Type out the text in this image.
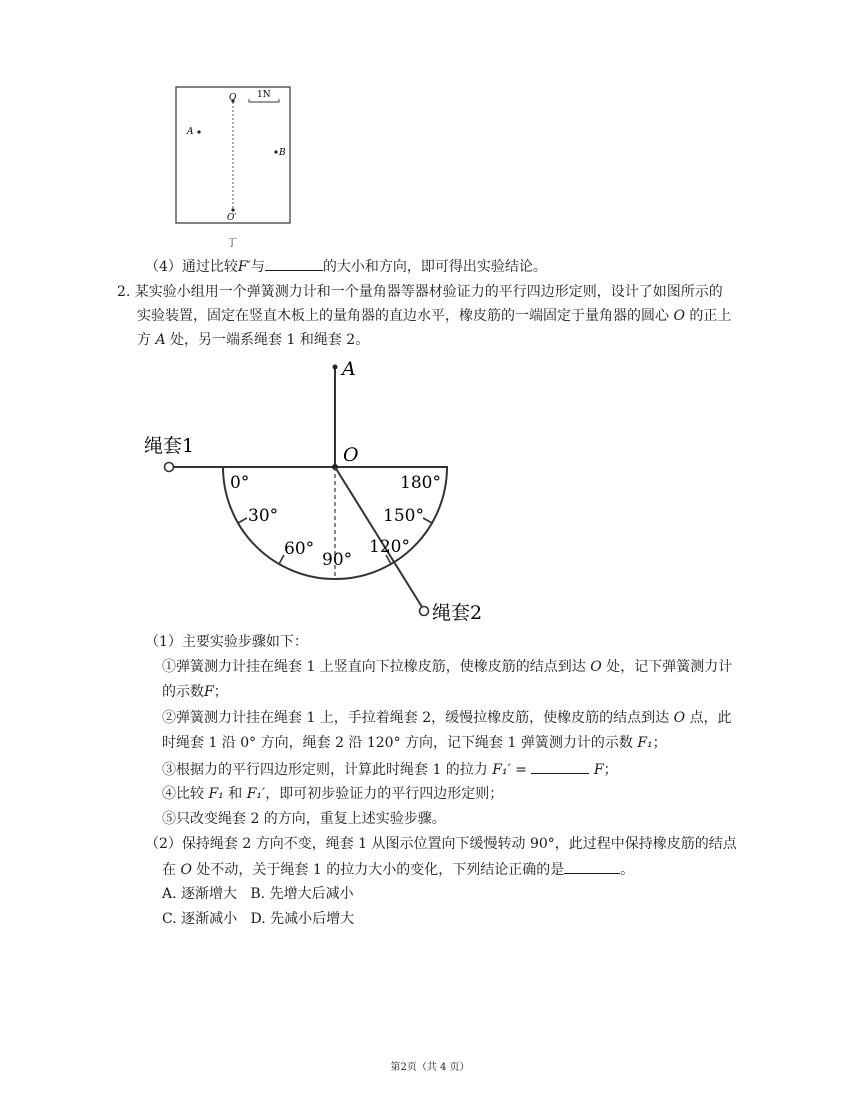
O
O′
A
B
1N
丁
（4）通过比较F′与	的大小和方向，即可得出实验结论。
2. 某实验小组用一个弹簧测力计和一个量角器等器材验证力的平行四边形定则，设计了如图所示的
实验装置，固定在竖直木板上的量角器的直边水平，橡皮筋的一端固定于量角器的圆心 O 的正上
方 A 处，另一端系绳套 1 和绳套 2。
A
O
绳套1
绳套2
0°
30°
60°
90°
120°
150°
180°
（1）主要实验步骤如下：
①弹簧测力计挂在绳套 1 上竖直向下拉橡皮筋，使橡皮筋的结点到达 O 处，记下弹簧测力计
的示数F；
②弹簧测力计挂在绳套 1 上，手拉着绳套 2，缓慢拉橡皮筋，使橡皮筋的结点到达 O 点，此
时绳套 1 沿 0° 方向，绳套 2 沿 120° 方向，记下绳套 1 弹簧测力计的示数 F₁；
③根据力的平行四边形定则，计算此时绳套 1 的拉力 F₁′ =	F；
④比较 F₁ 和 F₁′，即可初步验证力的平行四边形定则；
⑤只改变绳套 2 的方向，重复上述实验步骤。
（2）保持绳套 2 方向不变，绳套 1 从图示位置向下缓慢转动 90°，此过程中保持橡皮筋的结点
在 O 处不动，关于绳套 1 的拉力大小的变化，下列结论正确的是	。
A. 逐渐增大 B. 先增大后减小
C. 逐渐减小 D. 先减小后增大
第2页（共 4 页）
